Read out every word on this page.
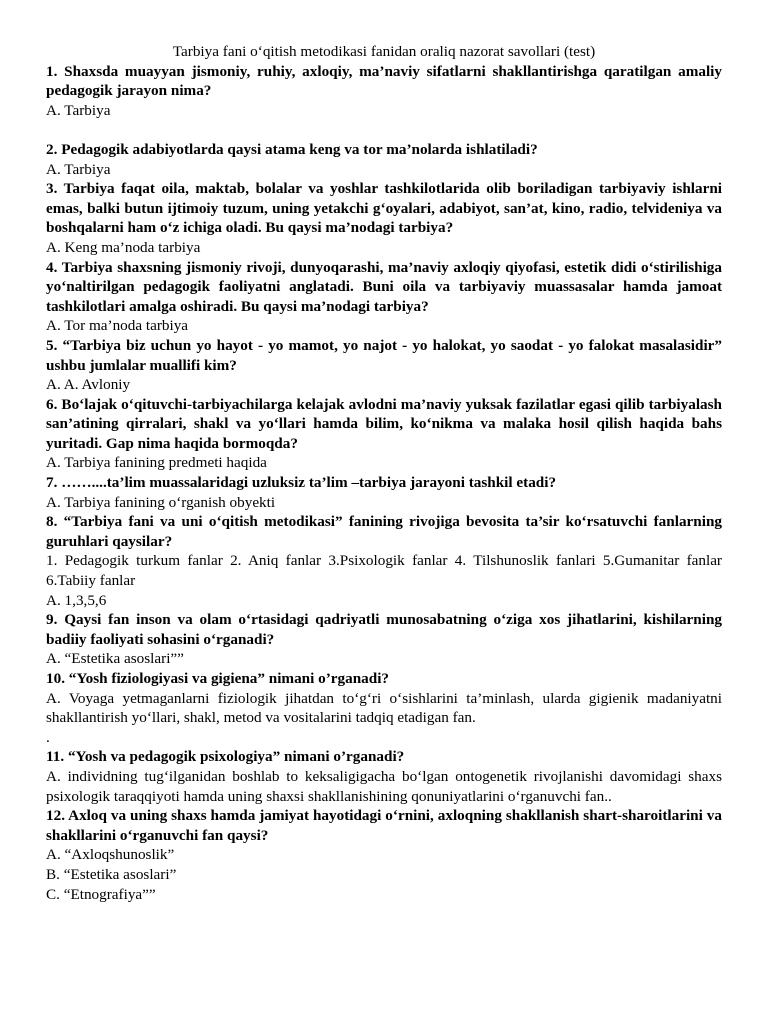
Tarbiya fani o‘qitish metodikasi fanidan oraliq nazorat savollari (test)

1. Shaxsda muayyan jismoniy, ruhiy, axloqiy, ma’naviy sifatlarni shakllantirishga qaratilgan amaliy pedagogik jarayon nima?

A. Tarbiya

2. Pedagogik adabiyotlarda qaysi atama keng va tor ma’nolarda ishlatiladi?

A. Tarbiya

3. Tarbiya faqat oila, maktab, bolalar va yoshlar tashkilotlarida olib boriladigan tarbiyaviy ishlarni emas, balki butun ijtimoiy tuzum, uning yetakchi g‘oyalari, adabiyot, san’at, kino, radio, telvideniya va boshqalarni ham o‘z ichiga oladi. Bu qaysi ma’nodagi tarbiya?

A. Keng ma’noda tarbiya

4. Tarbiya shaxsning jismoniy rivoji, dunyoqarashi, ma’naviy axloqiy qiyofasi, estetik didi o‘stirilishiga yo‘naltirilgan pedagogik faoliyatni anglatadi. Buni oila va tarbiyaviy muassasalar hamda jamoat tashkilotlari amalga oshiradi. Bu qaysi ma’nodagi tarbiya?

A. Tor ma’noda tarbiya

5. “Tarbiya biz uchun yo hayot - yo mamot, yo najot - yo halokat, yo saodat - yo falokat masalasidir” ushbu jumlalar muallifi kim?

A. A. Avloniy

6. Bo‘lajak o‘qituvchi-tarbiyachilarga kelajak avlodni ma’naviy yuksak fazilatlar egasi qilib tarbiyalash san’atining qirralari, shakl va yo‘llari hamda bilim, ko‘nikma va malaka hosil qilish haqida bahs yuritadi. Gap nima haqida bormoqda?

A. Tarbiya fanining predmeti haqida

7. ……....ta’lim muassalaridagi uzluksiz ta’lim –tarbiya jarayoni tashkil etadi?

A. Tarbiya fanining o‘rganish obyekti

8. “Tarbiya fani va uni o‘qitish metodikasi” fanining rivojiga bevosita ta’sir ko‘rsatuvchi fanlarning guruhlari qaysilar?

1. Pedagogik turkum fanlar 2. Aniq fanlar 3.Psixologik fanlar 4. Tilshunoslik fanlari 5.Gumanitar fanlar 6.Tabiiy fanlar

A. 1,3,5,6

9. Qaysi fan inson va olam o‘rtasidagi qadriyatli munosabatning o‘ziga xos jihatlarini, kishilarning badiiy faoliyati sohasini o‘rganadi?

A. “Estetika asoslari””

10. “Yosh fiziologiyasi va gigiena” nimani o’rganadi?

A. Voyaga yetmaganlarni fiziologik jihatdan to‘g‘ri o‘sishlarini ta’minlash, ularda gigienik madaniyatni shakllantirish yo‘llari, shakl, metod va vositalarini tadqiq etadigan fan.

.

11. “Yosh va pedagogik psixologiya” nimani o’rganadi?

A. individning tug‘ilganidan boshlab to keksaligigacha bo‘lgan ontogenetik rivojlanishi davomidagi shaxs psixologik taraqqiyoti hamda uning shaxsi shakllanishining qonuniyatlarini o‘rganuvchi fan..

12. Axloq va uning shaxs hamda jamiyat hayotidagi o‘rnini, axloqning shakllanish shart-sharoitlarini va shakllarini o‘rganuvchi fan qaysi?

A. “Axloqshunoslik”

B. “Estetika asoslari”

C. “Etnografiya””
